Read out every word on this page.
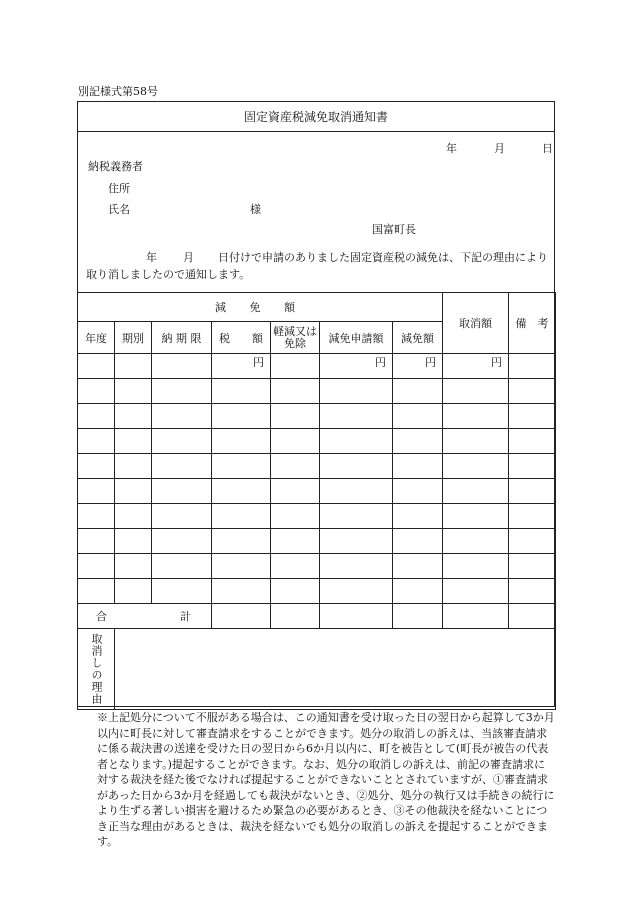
別記様式第58号
固定資産税減免取消通知書
年	月	日
納税義務者
住所
氏名	様
国富町長
年 月 日付けで申請のありました固定資産税の減免は、下記の理由により取り消しましたので通知します。
減 免 額							取消額	備　考
年度	期別	納 期 限	税　　額	軽減又は免除	減免申請額	減免額		
			円		円	円	円	

合 計								

取消しの理由								

※上記処分について不服がある場合は、この通知書を受け取った日の翌日から起算して3か月以内に町長に対して審査請求をすることができます。処分の取消しの訴えは、当該審査請求に係る裁決書の送達を受けた日の翌日から6か月以内に、町を被告として(町長が被告の代表者となります。)提起することができます。なお、処分の取消しの訴えは、前記の審査請求に対する裁決を経た後でなければ提起することができないこととされていますが、①審査請求があった日から3か月を経過しても裁決がないとき、②処分、処分の執行又は手続きの続行により生ずる著しい損害を避けるため緊急の必要があるとき、③その他裁決を経ないことにつき正当な理由があるときは、裁決を経ないでも処分の取消しの訴えを提起することができます。
